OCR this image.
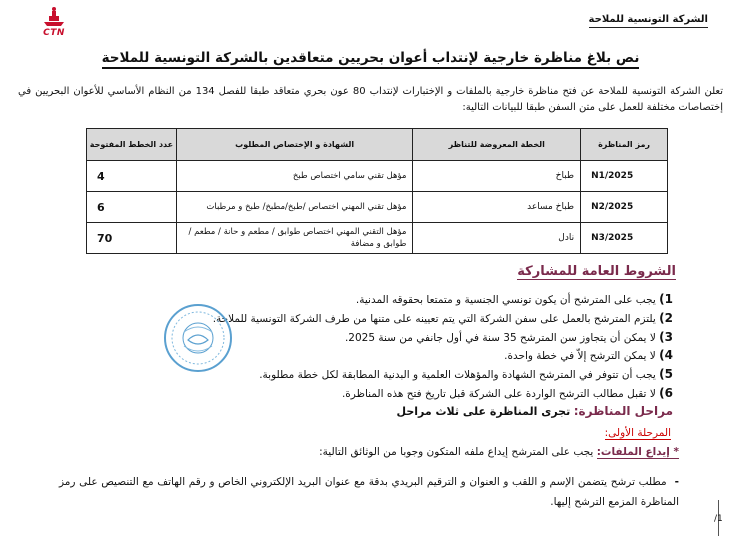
الشركة التونسية للملاحة
CTN
نص بلاغ مناظرة خارجية لإنتداب أعوان بحريين متعاقدين بالشركة التونسية للملاحة
تعلن الشركة التونسية للملاحة عن فتح مناظرة خارجية بالملفات و الإختبارات لإنتداب 80 عون بحري متعاقد طبقا للفصل 134 من النظام الأساسي للأعوان البحريين في إختصاصات مختلفة للعمل على متن السفن طبقا للبيانات التالية:
رمز المناظرة	الخطة المعروضة للتناظر	الشهادة و الإختصاص المطلوب	عدد الخطط المفتوحة
N1/2025	طباخ	مؤهل تقني سامي اختصاص طبخ	4
N2/2025	طباخ مساعد	مؤهل تقني المهني اختصاص /طبخ/مطبخ/ طبخ و مرطبات	6
N3/2025	نادل	مؤهل التقني المهني اختصاص طوابق / مطعم و حانة / مطعم / طوابق و مضافة	70
الشروط العامة للمشاركة
1) يجب على المترشح أن يكون تونسي الجنسية و متمتعا بحقوقه المدنية.
2) يلتزم المترشح بالعمل على سفن الشركة التي يتم تعيينه على متنها من طرف الشركة التونسية للملاحة.
3) لا يمكن أن يتجاوز سن المترشح 35 سنة في أول جانفي من سنة 2025.
4) لا يمكن الترشح إلاّ في خطة واحدة.
5) يجب أن تتوفر في المترشح الشهادة والمؤهلات العلمية و البدنية المطابقة لكل خطة مطلوبة.
6) لا تقبل مطالب الترشح الواردة على الشركة قبل تاريخ فتح هذه المناظرة.
مراحل المناظرة: تجرى المناظرة على ثلاث مراحل
المرحلة الأولى:
* إيداع الملفات: يجب على المترشح إيداع ملفه المتكون وجوبا من الوثائق التالية:
-مطلب ترشح يتضمن الإسم و اللقب و العنوان و الترقيم البريدي بدقة مع عنوان البريد الإلكتروني الخاص و رقم الهاتف مع التنصيص على رمز المناظرة المزمع الترشح إليها.
1/
